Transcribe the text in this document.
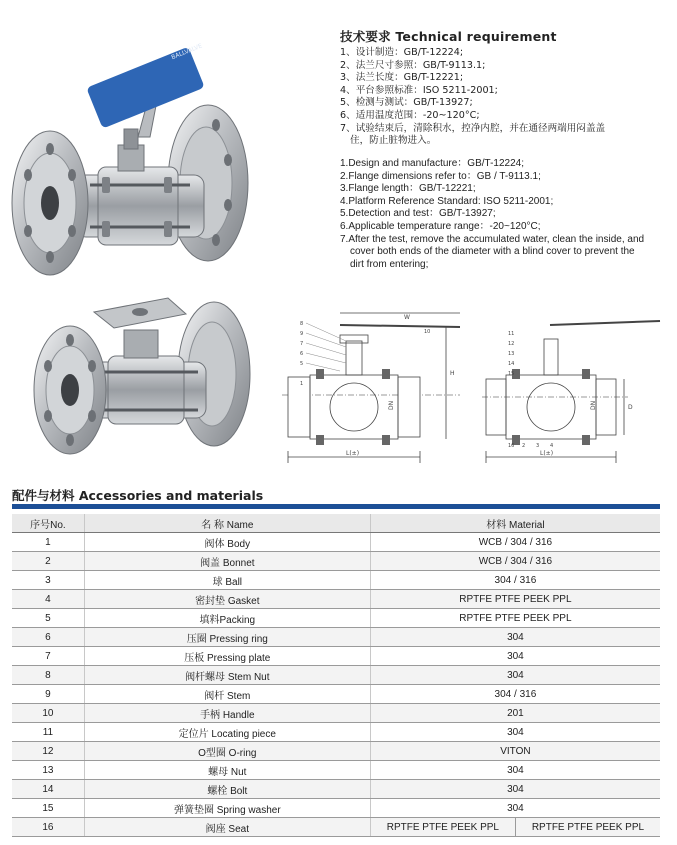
BALLVALVE
技术要求 Technical requirement
1、设计制造：GB/T-12224;
2、法兰尺寸参照：GB/T-9113.1;
3、法兰长度：GB/T-12221;
4、平台参照标准：ISO 5211-2001;
5、检测与测试：GB/T-13927;
6、适用温度范围：-20~120°C;
7、试验结束后，清除积水，控净内腔，并在通径两端用闷盖盖住，防止脏物进入。
1.Design and manufacture：GB/T-12224;
2.Flange dimensions refer to：GB / T-9113.1;
3.Flange length：GB/T-12221;
4.Platform Reference Standard: ISO 5211-2001;
5.Detection and test：GB/T-13927;
6.Applicable temperature range：-20~120°C;
7.After the test, remove the accumulated water, clean the inside, and cover both ends of the diameter with a blind cover to prevent the dirt from entering;
L(±)
W
DN
H
8
9
7
6
5
1
10
L(±)
D
DN
11
12
13
14
15
16 2 3 4
配件与材料 Accessories and materials
序号No.	名 称 Name	材料 Material
1	阀体 Body	WCB / 304 / 316
2	阀盖 Bonnet	WCB / 304 / 316
3	球 Ball	304 / 316
4	密封垫 Gasket	RPTFE PTFE PEEK PPL
5	填料Packing	RPTFE PTFE PEEK PPL
6	压圈 Pressing ring	304
7	压板 Pressing plate	304
8	阀杆螺母 Stem Nut	304
9	阀杆 Stem	304 / 316
10	手柄 Handle	201
11	定位片 Locating piece	304
12	O型圈 O-ring	VITON
13	螺母 Nut	304
14	螺栓 Bolt	304
15	弹簧垫圈 Spring washer	304
16	阀座 Seat	RPTFE PTFE PEEK PPL RPTFE PTFE PEEK PPL
